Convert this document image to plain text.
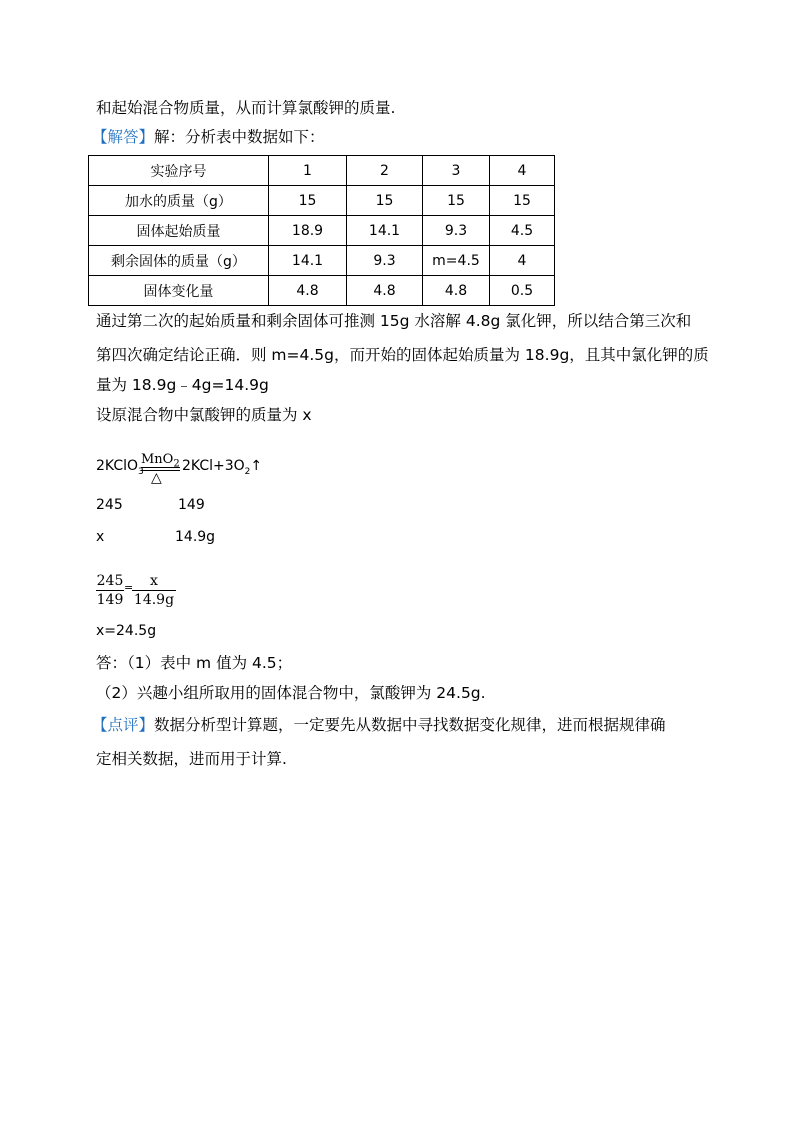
和起始混合物质量，从而计算氯酸钾的质量.
【解答】解：分析表中数据如下：
实验序号	1	2	3	4
加水的质量（g）	15	15	15	15
固体起始质量	18.9	14.1	9.3	4.5
剩余固体的质量（g）	14.1	9.3	m=4.5	4
固体变化量	4.8	4.8	4.8	0.5
通过第二次的起始质量和剩余固体可推测 15g 水溶解 4.8g 氯化钾，所以结合第三次和
第四次确定结论正确．则 m=4.5g，而开始的固体起始质量为 18.9g，且其中氯化钾的质
量为 18.9g﹣4g=14.9g
设原混合物中氯酸钾的质量为 x
2KClO$_3$
MnO$_2$
△
$2KCl+3O_2↑$
245	149
x	14.9g
245
149
=	x
14.9g
x=24.5g
答：（1）表中 m 值为 4.5；
（2）兴趣小组所取用的固体混合物中，氯酸钾为 24.5g.
【点评】数据分析型计算题，一定要先从数据中寻找数据变化规律，进而根据规律确
定相关数据，进而用于计算.
